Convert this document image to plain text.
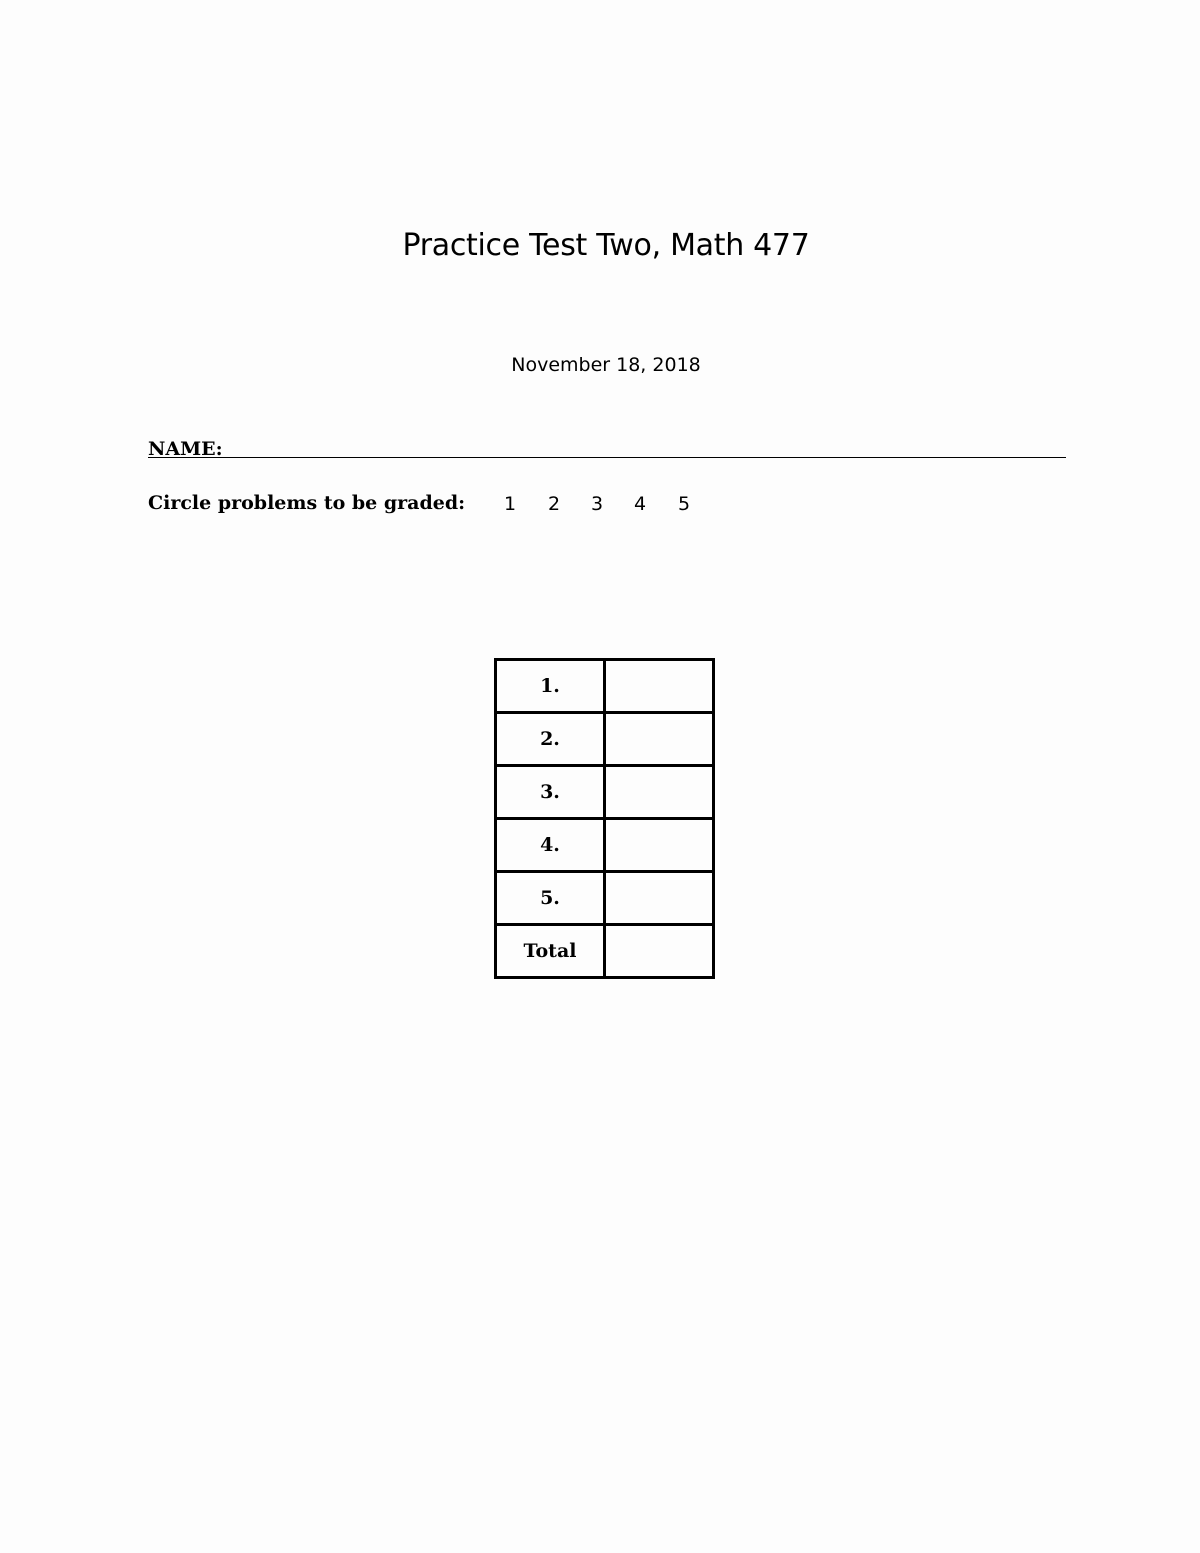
Practice Test Two, Math 477
November 18, 2018
NAME:
Circle problems to be graded: 1 2 3 4 5
1.	
2.	
3.	
4.	
5.	
Total	
